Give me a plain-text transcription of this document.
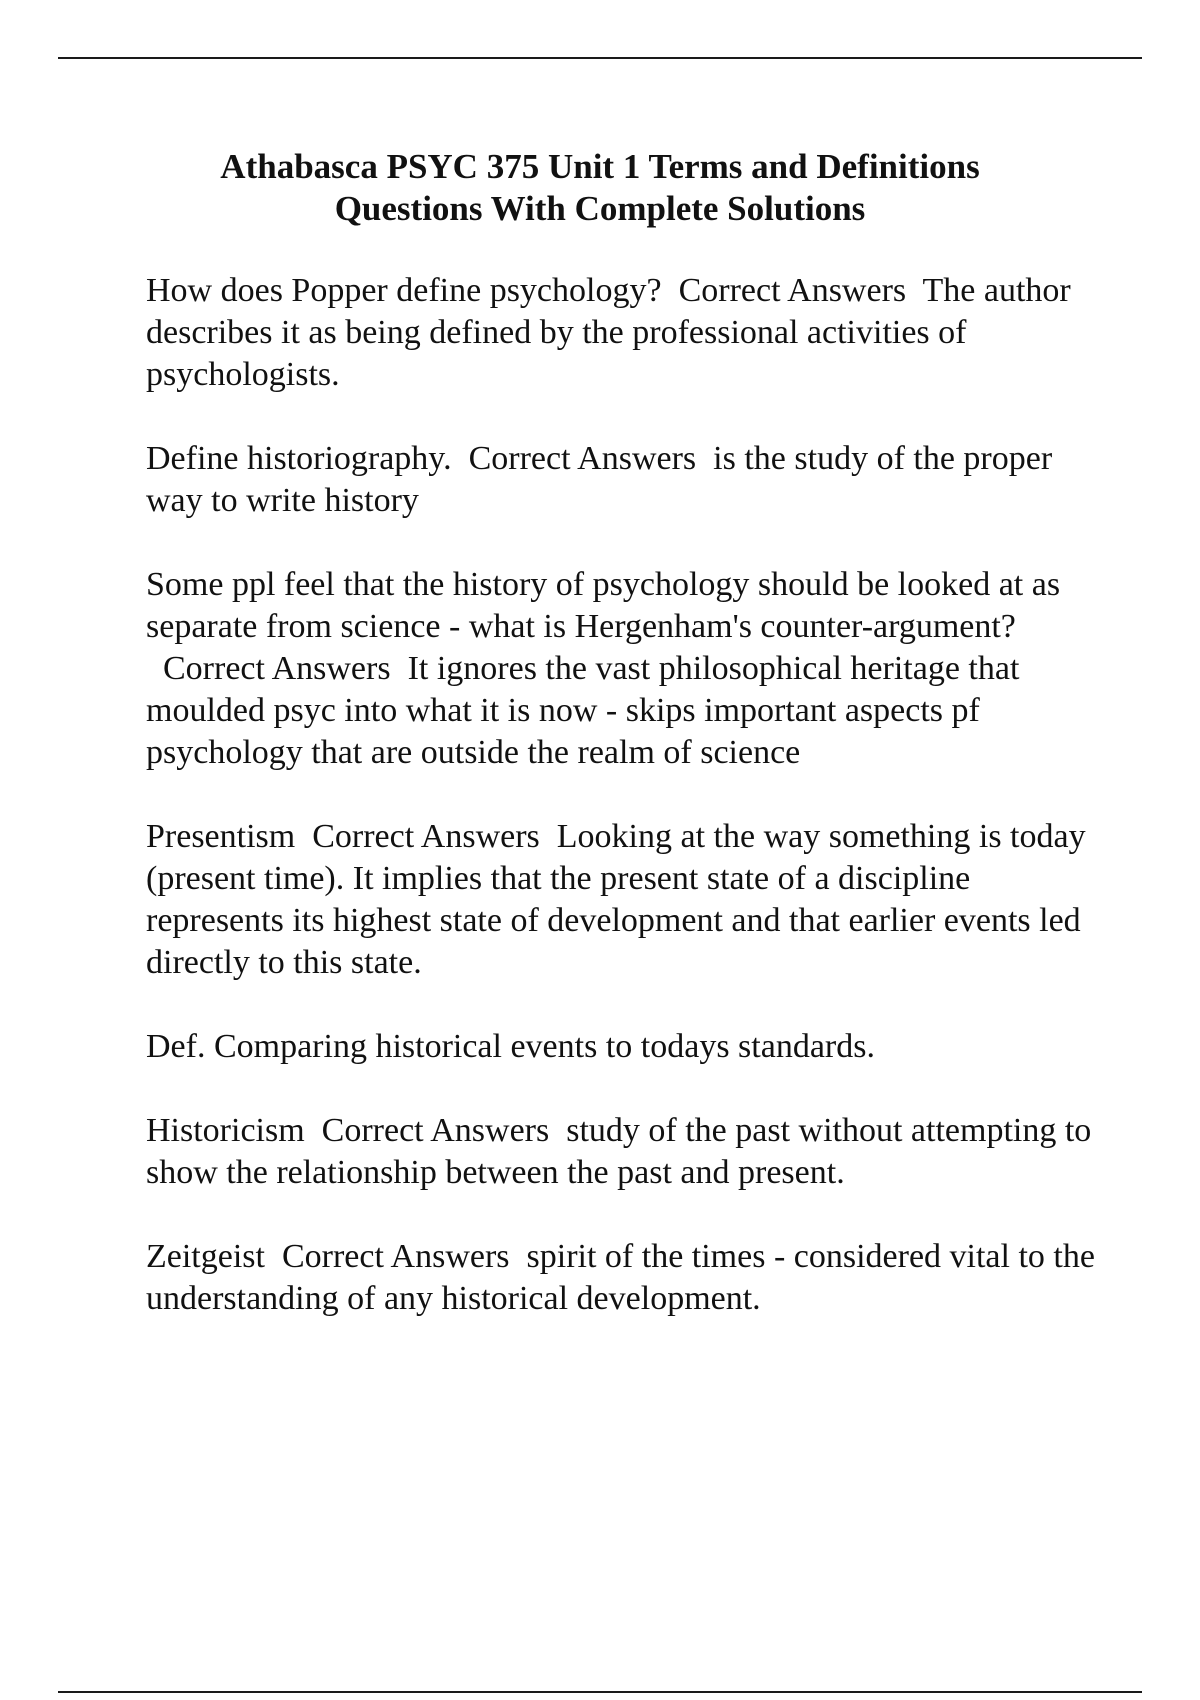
Athabasca PSYC 375 Unit 1 Terms and Definitions
Questions With Complete Solutions

How does Popper define psychology? Correct Answers The author describes it as being defined by the professional activities of psychologists.

Define historiography. Correct Answers is the study of the proper way to write history

Some ppl feel that the history of psychology should be looked at as separate from science - what is Hergenham's counter-argument?  Correct Answers It ignores the vast philosophical heritage that moulded psyc into what it is now - skips important aspects pf psychology that are outside the realm of science

Presentism Correct Answers Looking at the way something is today (present time). It implies that the present state of a discipline represents its highest state of development and that earlier events led directly to this state.

Def. Comparing historical events to todays standards.

Historicism Correct Answers study of the past without attempting to show the relationship between the past and present.

Zeitgeist Correct Answers spirit of the times - considered vital to the understanding of any historical development.
